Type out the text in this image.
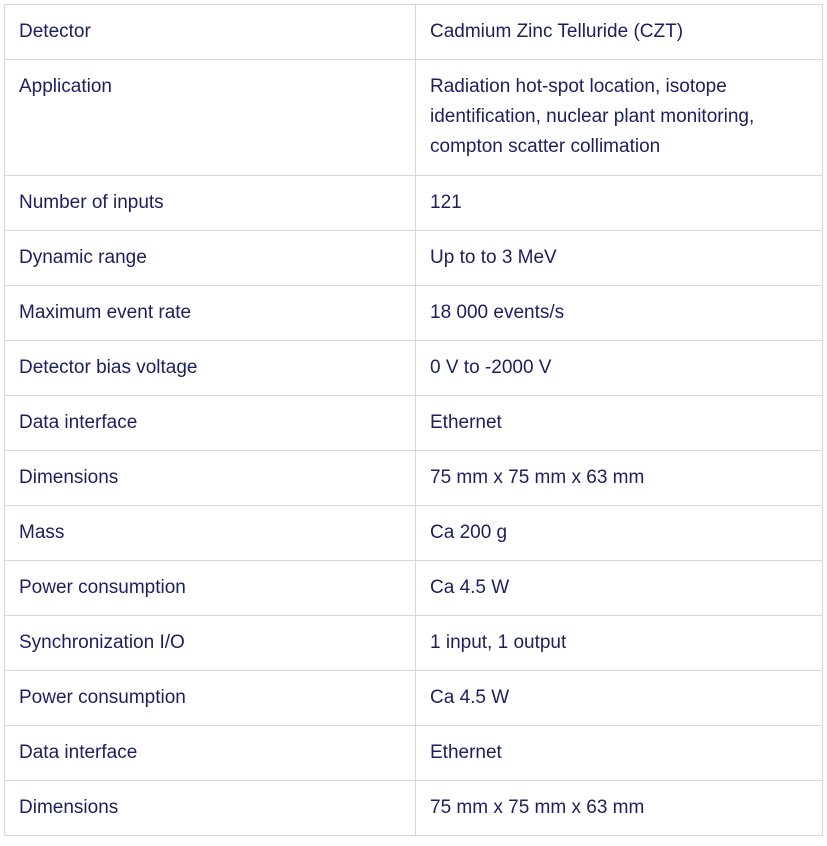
Detector	Cadmium Zinc Telluride (CZT)
Application	Radiation hot-spot location, isotope identification, nuclear plant monitoring, compton scatter collimation
Number of inputs	121
Dynamic range	Up to to 3 MeV
Maximum event rate	18 000 events/s
Detector bias voltage	0 V to -2000 V
Data interface	Ethernet
Dimensions	75 mm x 75 mm x 63 mm
Mass	Ca 200 g
Power consumption	Ca 4.5 W
Synchronization I/O	1 input, 1 output
Power consumption	Ca 4.5 W
Data interface	Ethernet
Dimensions	75 mm x 75 mm x 63 mm
